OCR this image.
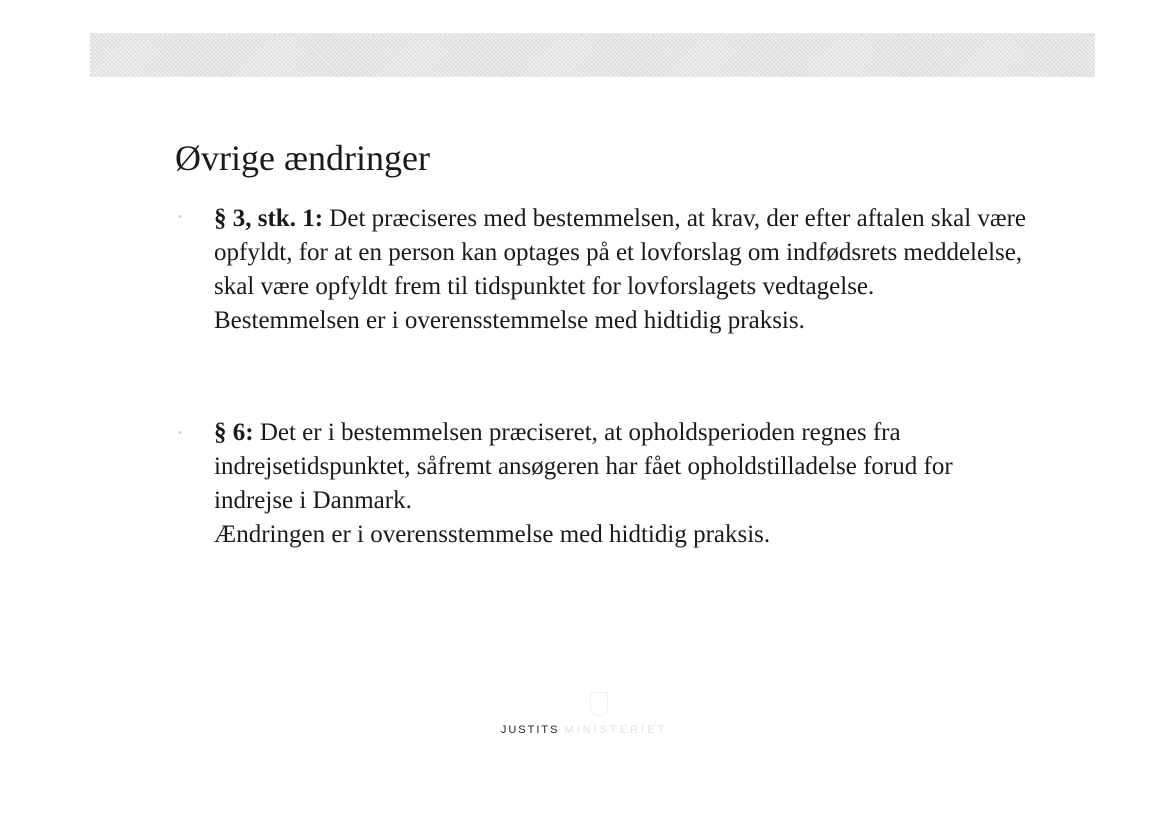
Øvrige ændringer
▪ § 3, stk. 1: Det præciseres med bestemmelsen, at krav, der efter aftalen skal være opfyldt, for at en person kan optages på et lovforslag om indfødsrets meddelelse, skal være opfyldt frem til tidspunktet for lovforslagets vedtagelse.

Bestemmelsen er i overensstemmelse med hidtidig praksis.

▪ § 6: Det er i bestemmelsen præciseret, at opholdsperioden regnes fra indrejsetidspunktet, såfremt ansøgeren har fået opholdstilladelse forud for indrejse i Danmark.

Ændringen er i overensstemmelse med hidtidig praksis.

JUSTITS MINISTERIET
